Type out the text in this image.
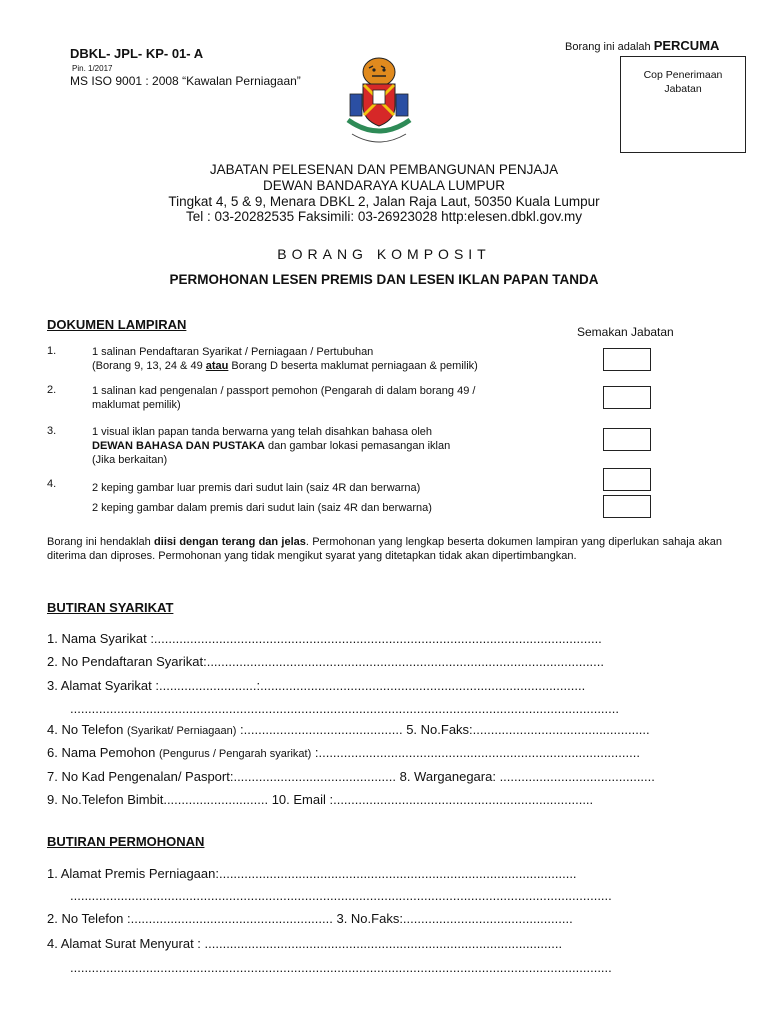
DBKL- JPL- KP- 01- A
Pin. 1/2017
MS ISO 9001 : 2008 “Kawalan Perniagaan”
Borang ini adalah PERCUMA
Cop Penerimaan
Jabatan
JABATAN PELESENAN DAN PEMBANGUNAN PENJAJA
DEWAN BANDARAYA KUALA LUMPUR
Tingkat 4, 5 & 9, Menara DBKL 2, Jalan Raja Laut, 50350 Kuala Lumpur
Tel : 03-20282535 Faksimili: 03-26923028 http:elesen.dbkl.gov.my
BORANG KOMPOSIT
PERMOHONAN LESEN PREMIS DAN LESEN IKLAN PAPAN TANDA
DOKUMEN LAMPIRAN	Semakan Jabatan
1.	1 salinan Pendaftaran Syarikat / Perniagaan / Pertubuhan
(Borang 9, 13, 24 & 49 atau Borang D beserta maklumat perniagaan & pemilik)
2.	1 salinan kad pengenalan / passport pemohon (Pengarah di dalam borang 49 /
maklumat pemilik)
3.	1 visual iklan papan tanda berwarna yang telah disahkan bahasa oleh
DEWAN BAHASA DAN PUSTAKA dan gambar lokasi pemasangan iklan
(Jika berkaitan)
4.	2 keping gambar luar premis dari sudut lain (saiz 4R dan berwarna)
2 keping gambar dalam premis dari sudut lain (saiz 4R dan berwarna)
Borang ini hendaklah diisi dengan terang dan jelas. Permohonan yang lengkap beserta dokumen lampiran yang diperlukan sahaja akan diterima dan diproses. Permohonan yang tidak mengikut syarat yang ditetapkan tidak akan dipertimbangkan.
BUTIRAN SYARIKAT
1. Nama Syarikat :............................................................................................................................
2. No Pendaftaran Syarikat:..............................................................................................................
3. Alamat Syarikat :...........................:..........................................................................................
........................................................................................................................................................
4. No Telefon (Syarikat/ Perniagaan) :............................................ 5. No.Faks:.................................................
6. Nama Pemohon (Pengurus / Pengarah syarikat) :.........................................................................................
7. No Kad Pengenalan/ Pasport:............................................. 8. Warganegara: ...........................................
9. No.Telefon Bimbit............................. 10. Email :........................................................................
BUTIRAN PERMOHONAN
1. Alamat Premis Perniagaan:...................................................................................................
......................................................................................................................................................
2. No Telefon :........................................................ 3. No.Faks:...............................................
4. Alamat Surat Menyurat : ...................................................................................................
......................................................................................................................................................
